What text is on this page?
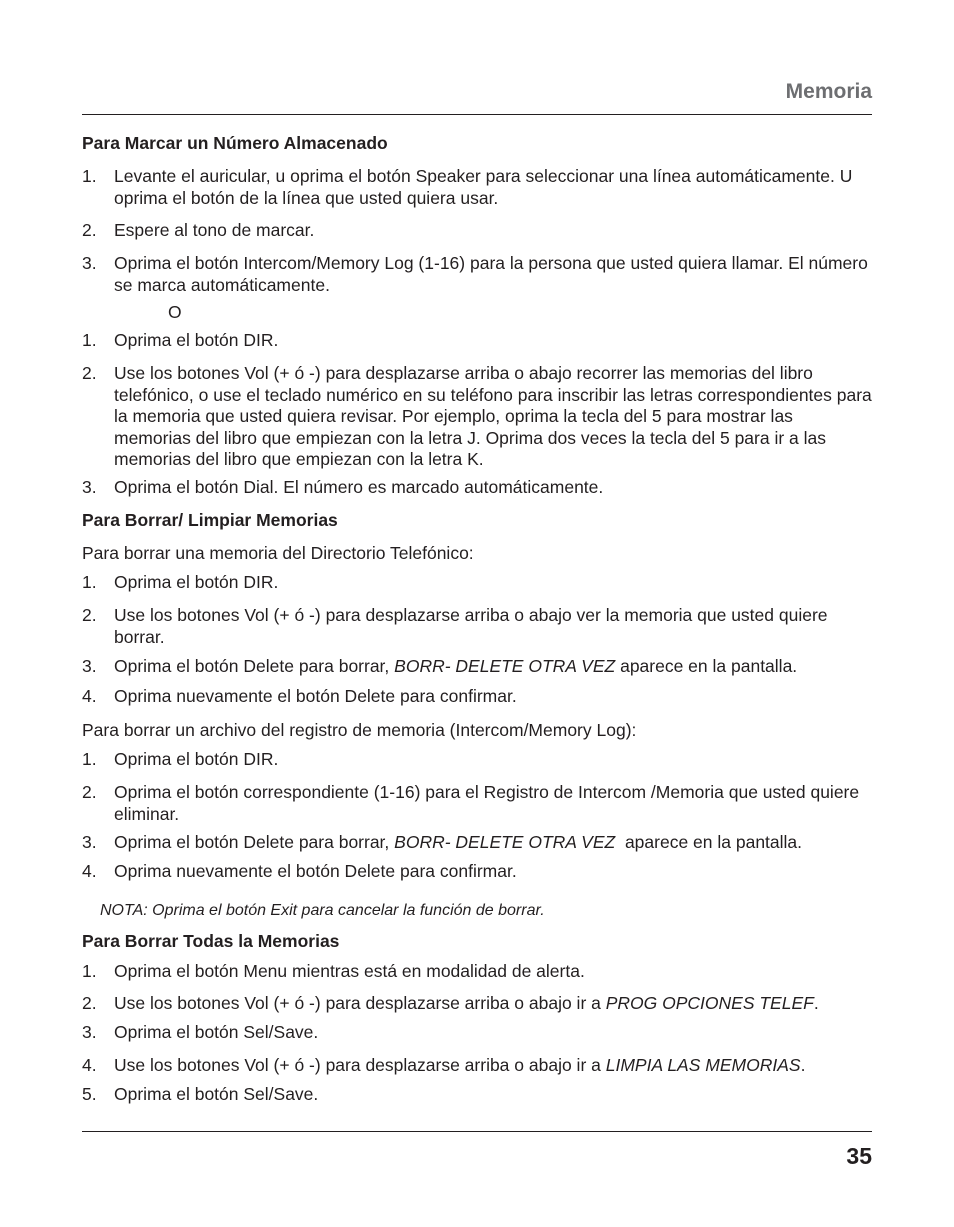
Memoria
Para Marcar un Número Almacenado
1. Levante el auricular, u oprima el botón Speaker para seleccionar una línea automáticamente. U oprima el botón de la línea que usted quiera usar.
2. Espere al tono de marcar.
3. Oprima el botón Intercom/Memory Log (1-16) para la persona que usted quiera llamar. El número se marca automáticamente.
O
1. Oprima el botón DIR.
2. Use los botones Vol (+ ó -) para desplazarse arriba o abajo recorrer las memorias del libro telefónico, o use el teclado numérico en su teléfono para inscribir las letras correspondientes para la memoria que usted quiera revisar. Por ejemplo, oprima la tecla del 5 para mostrar las memorias del libro que empiezan con la letra J. Oprima dos veces la tecla del 5 para ir a las memorias del libro que empiezan con la letra K.
3. Oprima el botón Dial. El número es marcado automáticamente.
Para Borrar/ Limpiar Memorias
Para borrar una memoria del Directorio Telefónico:
1. Oprima el botón DIR.
2. Use los botones Vol (+ ó -) para desplazarse arriba o abajo ver la memoria que usted quiere borrar.
3. Oprima el botón Delete para borrar, BORR- DELETE OTRA VEZ aparece en la pantalla.
4. Oprima nuevamente el botón Delete para confirmar.
Para borrar un archivo del registro de memoria (Intercom/Memory Log):
1. Oprima el botón DIR.
2. Oprima el botón correspondiente (1-16) para el Registro de Intercom /Memoria que usted quiere eliminar.
3. Oprima el botón Delete para borrar, BORR- DELETE OTRA VEZ  aparece en la pantalla.
4. Oprima nuevamente el botón Delete para confirmar.
NOTA: Oprima el botón Exit para cancelar la función de borrar.
Para Borrar Todas la Memorias
1. Oprima el botón Menu mientras está en modalidad de alerta.
2. Use los botones Vol (+ ó -) para desplazarse arriba o abajo ir a PROG OPCIONES TELEF.
3. Oprima el botón Sel/Save.
4. Use los botones Vol (+ ó -) para desplazarse arriba o abajo ir a LIMPIA LAS MEMORIAS.
5. Oprima el botón Sel/Save.
35
